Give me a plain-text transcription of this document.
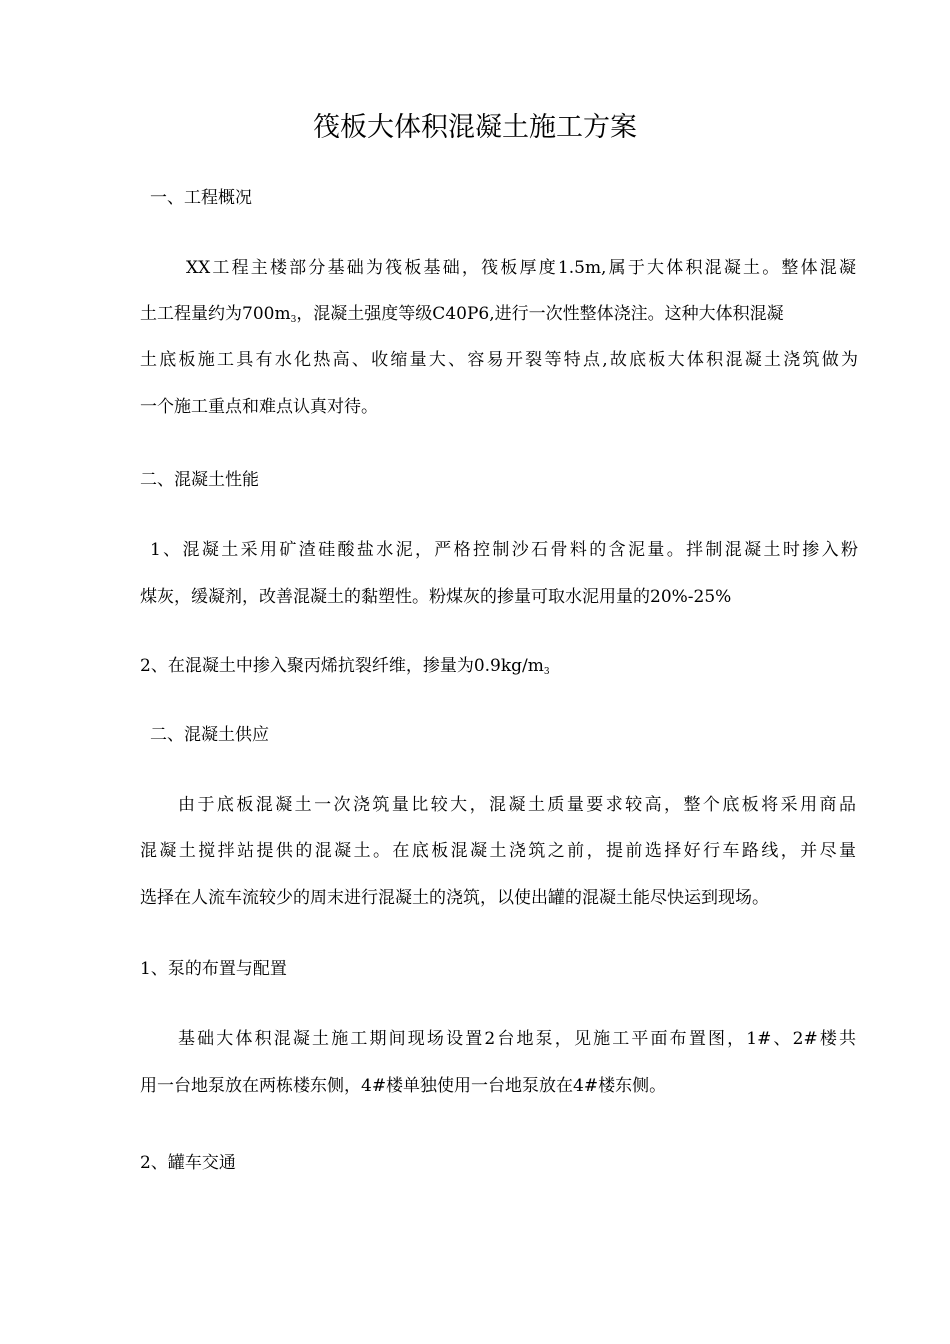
筏板大体积混凝土施工方案
一、工程概况
XX工程主楼部分基础为筏板基础，筏板厚度1.5m,属于大体积混凝土。整体混凝
土工程量约为$700m_3$，混凝土强度等级C40P6,进行一次性整体浇注。这种大体积混凝
土底板施工具有水化热高、收缩量大、容易开裂等特点,故底板大体积混凝土浇筑做为
一个施工重点和难点认真对待。
二、混凝土性能
1、混凝土采用矿渣硅酸盐水泥，严格控制沙石骨料的含泥量。拌制混凝土时掺入粉
煤灰，缓凝剂，改善混凝土的黏塑性。粉煤灰的掺量可取水泥用量的20%-25%
2、在混凝土中掺入聚丙烯抗裂纤维，掺量为$0.9kg/m_3$
二、混凝土供应
由于底板混凝土一次浇筑量比较大，混凝土质量要求较高，整个底板将采用商品
混凝土搅拌站提供的混凝土。在底板混凝土浇筑之前，提前选择好行车路线，并尽量
选择在人流车流较少的周末进行混凝土的浇筑，以使出罐的混凝土能尽快运到现场。
1、泵的布置与配置
基础大体积混凝土施工期间现场设置2台地泵，见施工平面布置图，1#、2#楼共
用一台地泵放在两栋楼东侧，4#楼单独使用一台地泵放在4#楼东侧。
2、罐车交通
